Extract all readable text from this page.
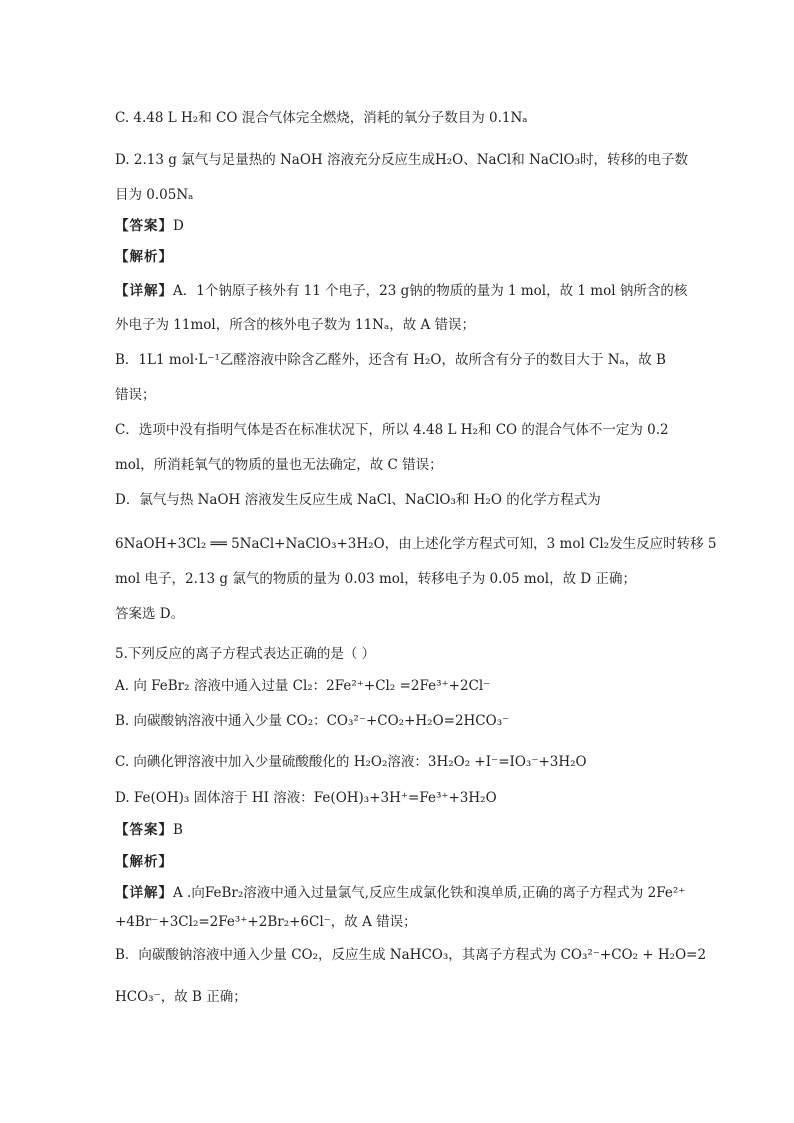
C. 4.48 L H₂和 CO 混合气体完全燃烧，消耗的氧分子数目为 0.1Nₐ
D. 2.13 g 氯气与足量热的 NaOH 溶液充分反应生成H₂O、NaCl和 NaClO₃时，转移的电子数
目为 0.05Nₐ
【答案】D
【解析】
【详解】A．1个钠原子核外有 11 个电子，23 g钠的物质的量为 1 mol，故 1 mol 钠所含的核
外电子为 11mol，所含的核外电子数为 11Nₐ，故 A 错误；
B．1L1 mol·L⁻¹乙醛溶液中除含乙醛外，还含有 H₂O，故所含有分子的数目大于 Nₐ，故 B
错误；
C．选项中没有指明气体是否在标准状况下，所以 4.48 L H₂和 CO 的混合气体不一定为 0.2
mol，所消耗氧气的物质的量也无法确定，故 C 错误；
D．氯气与热 NaOH 溶液发生反应生成 NaCl、NaClO₃和 H₂O 的化学方程式为
6NaOH+3Cl₂ ══ 5NaCl+NaClO₃+3H₂O，由上述化学方程式可知，3 mol Cl₂发生反应时转移 5
mol 电子，2.13 g 氯气的物质的量为 0.03 mol，转移电子为 0.05 mol，故 D 正确；
答案选 D。
5.下列反应的离子方程式表达正确的是（ ）
A. 向 FeBr₂ 溶液中通入过量 Cl₂：2Fe²⁺+Cl₂ =2Fe³⁺+2Cl⁻
B. 向碳酸钠溶液中通入少量 CO₂：CO₃²⁻+CO₂+H₂O=2HCO₃⁻
C. 向碘化钾溶液中加入少量硫酸酸化的 H₂O₂溶液：3H₂O₂ +I⁻=IO₃⁻+3H₂O
D. Fe(OH)₃ 固体溶于 HI 溶液：Fe(OH)₃+3H⁺=Fe³⁺+3H₂O
【答案】B
【解析】
【详解】A .向FeBr₂溶液中通入过量氯气,反应生成氯化铁和溴单质,正确的离子方程式为 2Fe²⁺
+4Br⁻+3Cl₂=2Fe³⁺+2Br₂+6Cl⁻，故 A 错误；
B．向碳酸钠溶液中通入少量 CO₂，反应生成 NaHCO₃，其离子方程式为 CO₃²⁻+CO₂ + H₂O=2
HCO₃⁻，故 B 正确；
